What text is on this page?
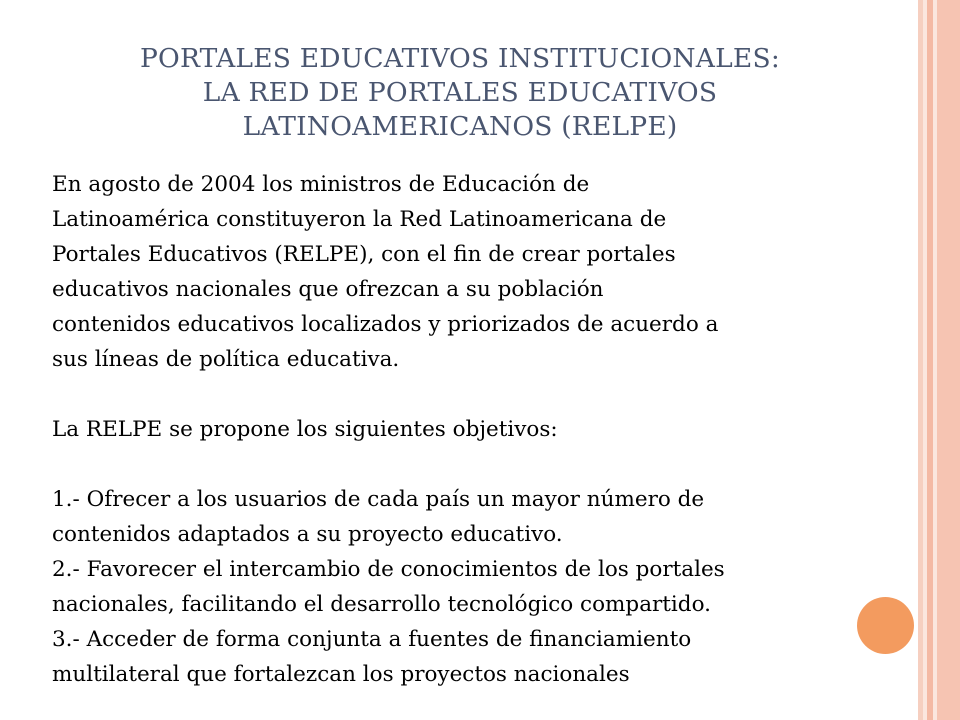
PORTALES EDUCATIVOS INSTITUCIONALES:
LA RED DE PORTALES EDUCATIVOS
LATINOAMERICANOS (RELPE)

En agosto de 2004 los ministros de Educación de
Latinoamérica constituyeron la Red Latinoamericana de
Portales Educativos (RELPE), con el fin de crear portales
educativos nacionales que ofrezcan a su población
contenidos educativos localizados y priorizados de acuerdo a
sus líneas de política educativa.

La RELPE se propone los siguientes objetivos:

1.- Ofrecer a los usuarios de cada país un mayor número de
contenidos adaptados a su proyecto educativo.

2.- Favorecer el intercambio de conocimientos de los portales
nacionales, facilitando el desarrollo tecnológico compartido.

3.- Acceder de forma conjunta a fuentes de financiamiento
multilateral que fortalezcan los proyectos nacionales
